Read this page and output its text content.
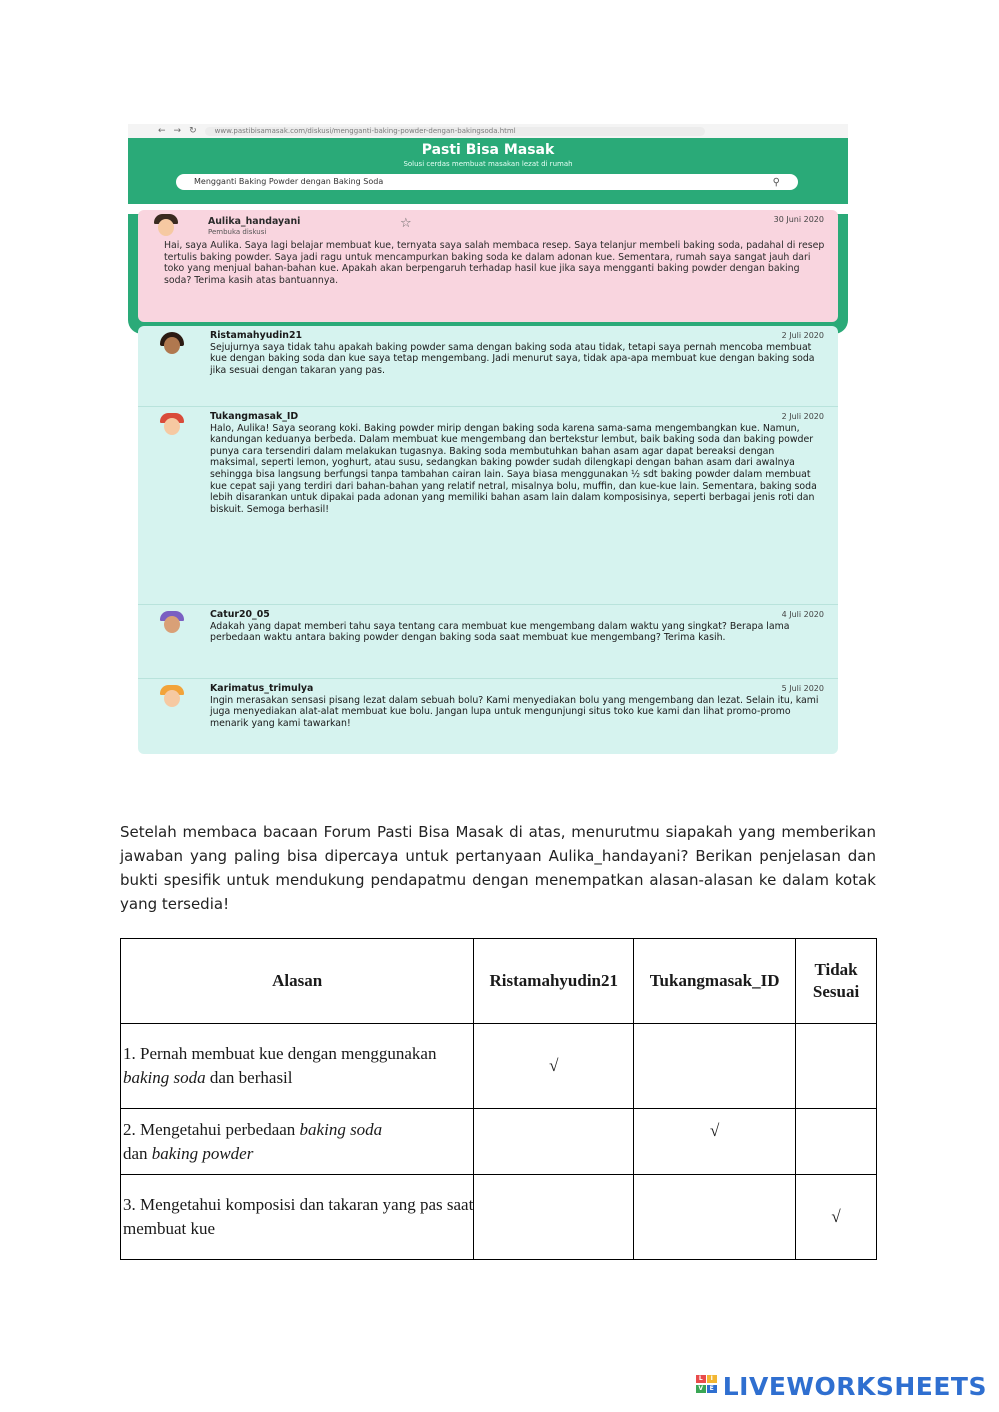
← → ↻	www.pastibisamasak.com/diskusi/mengganti-baking-powder-dengan-bakingsoda.html
Pasti Bisa Masak
Solusi cerdas membuat masakan lezat di rumah
Mengganti Baking Powder dengan Baking Soda	⚲
☆
Aulika_handayani
Pembuka diskusi
30 Juni 2020
Hai, saya Aulika. Saya lagi belajar membuat kue, ternyata saya salah membaca resep. Saya telanjur membeli baking soda, padahal di resep tertulis baking powder. Saya jadi ragu untuk mencampurkan baking soda ke dalam adonan kue. Sementara, rumah saya sangat jauh dari toko yang menjual bahan-bahan kue. Apakah akan berpengaruh terhadap hasil kue jika saya mengganti baking powder dengan baking soda? Terima kasih atas bantuannya.
Ristamahyudin21	2 Juli 2020
Sejujurnya saya tidak tahu apakah baking powder sama dengan baking soda atau tidak, tetapi saya pernah mencoba membuat kue dengan baking soda dan kue saya tetap mengembang. Jadi menurut saya, tidak apa-apa membuat kue dengan baking soda jika sesuai dengan takaran yang pas.
Tukangmasak_ID	2 Juli 2020
Halo, Aulika! Saya seorang koki. Baking powder mirip dengan baking soda karena sama-sama mengembangkan kue. Namun, kandungan keduanya berbeda. Dalam membuat kue mengembang dan bertekstur lembut, baik baking soda dan baking powder punya cara tersendiri dalam melakukan tugasnya. Baking soda membutuhkan bahan asam agar dapat bereaksi dengan maksimal, seperti lemon, yoghurt, atau susu, sedangkan baking powder sudah dilengkapi dengan bahan asam dari awalnya sehingga bisa langsung berfungsi tanpa tambahan cairan lain. Saya biasa menggunakan ½ sdt baking powder dalam membuat kue cepat saji yang terdiri dari bahan-bahan yang relatif netral, misalnya bolu, muffin, dan kue-kue lain. Sementara, baking soda lebih disarankan untuk dipakai pada adonan yang memiliki bahan asam lain dalam komposisinya, seperti berbagai jenis roti dan biskuit. Semoga berhasil!
Catur20_05	4 Juli 2020
Adakah yang dapat memberi tahu saya tentang cara membuat kue mengembang dalam waktu yang singkat? Berapa lama perbedaan waktu antara baking powder dengan baking soda saat membuat kue mengembang? Terima kasih.
Karimatus_trimulya	5 Juli 2020
Ingin merasakan sensasi pisang lezat dalam sebuah bolu? Kami menyediakan bolu yang mengembang dan lezat. Selain itu, kami juga menyediakan alat-alat membuat kue bolu. Jangan lupa untuk mengunjungi situs toko kue kami dan lihat promo-promo menarik yang kami tawarkan!
Setelah membaca bacaan Forum Pasti Bisa Masak di atas, menurutmu siapakah yang memberikan jawaban yang paling bisa dipercaya untuk pertanyaan Aulika_handayani? Berikan penjelasan dan bukti spesifik untuk mendukung pendapatmu dengan menempatkan alasan-alasan ke dalam kotak yang tersedia!
Alasan	Ristamahyudin21	Tukangmasak_ID	Tidak Sesuai
1. Pernah membuat kue dengan menggunakan baking soda dan berhasil	√		
2. Mengetahui perbedaan baking soda dan baking powder		√	
3. Mengetahui komposisi dan takaran yang pas saat membuat kue			√
L	I
V	E LIVEWORKSHEETS
